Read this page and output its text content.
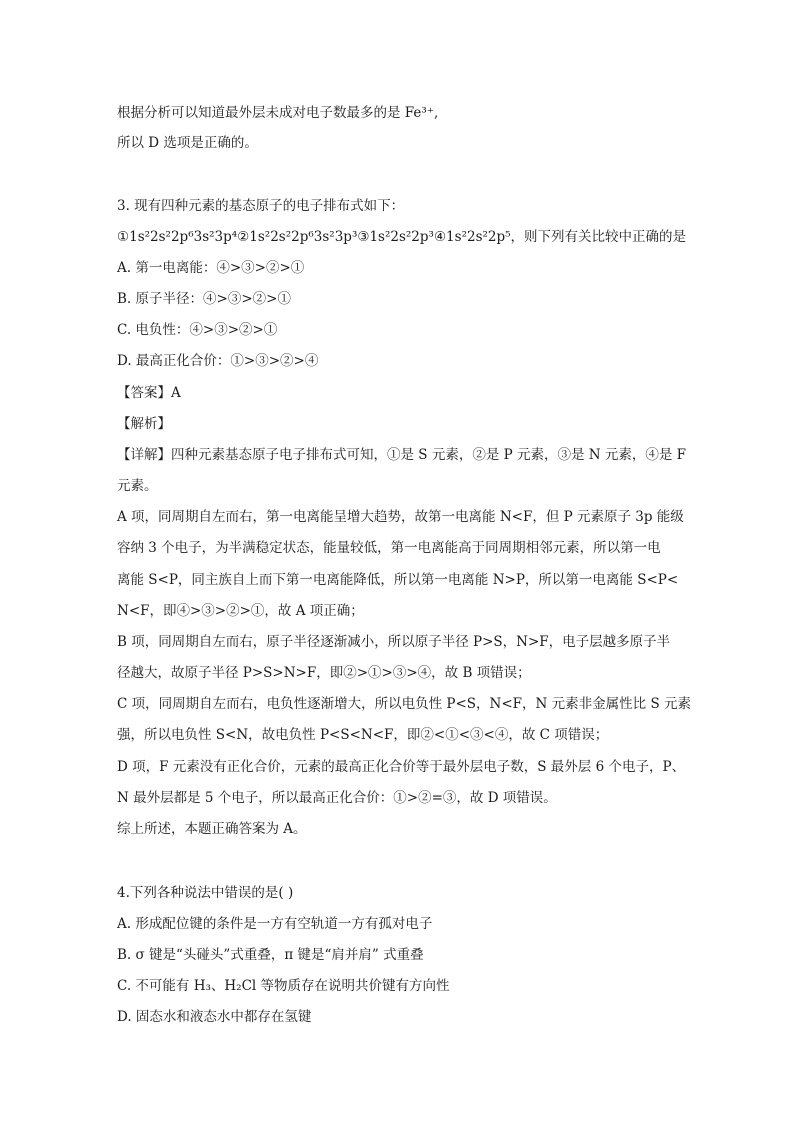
根据分析可以知道最外层未成对电子数最多的是 Fe³⁺,
所以 D 选项是正确的。
3. 现有四种元素的基态原子的电子排布式如下：
①1s²2s²2p⁶3s²3p⁴②1s²2s²2p⁶3s²3p³③1s²2s²2p³④1s²2s²2p⁵，则下列有关比较中正确的是
A. 第一电离能：④>③>②>①
B. 原子半径：④>③>②>①
C. 电负性：④>③>②>①
D. 最高正化合价：①>③>②>④
【答案】A
【解析】
【详解】四种元素基态原子电子排布式可知，①是 S 元素，②是 P 元素，③是 N 元素，④是 F
元素。
A 项，同周期自左而右，第一电离能呈增大趋势，故第一电离能 N<F，但 P 元素原子 3p 能级
容纳 3 个电子，为半满稳定状态，能量较低，第一电离能高于同周期相邻元素，所以第一电
离能 S<P，同主族自上而下第一电离能降低，所以第一电离能 N>P，所以第一电离能 S<P<
N<F，即④>③>②>①，故 A 项正确；
B 项，同周期自左而右，原子半径逐渐减小，所以原子半径 P>S，N>F，电子层越多原子半
径越大，故原子半径 P>S>N>F，即②>①>③>④，故 B 项错误；
C 项，同周期自左而右，电负性逐渐增大，所以电负性 P<S，N<F，N 元素非金属性比 S 元素
强，所以电负性 S<N，故电负性 P<S<N<F，即②<①<③<④，故 C 项错误；
D 项，F 元素没有正化合价，元素的最高正化合价等于最外层电子数，S 最外层 6 个电子，P、
N 最外层都是 5 个电子，所以最高正化合价：①>②=③，故 D 项错误。
综上所述，本题正确答案为 A。
4.下列各种说法中错误的是( )
A. 形成配位键的条件是一方有空轨道一方有孤对电子
B. σ 键是“头碰头”式重叠，π 键是“肩并肩” 式重叠
C. 不可能有 H₃、H₂Cl 等物质存在说明共价键有方向性
D. 固态水和液态水中都存在氢键
